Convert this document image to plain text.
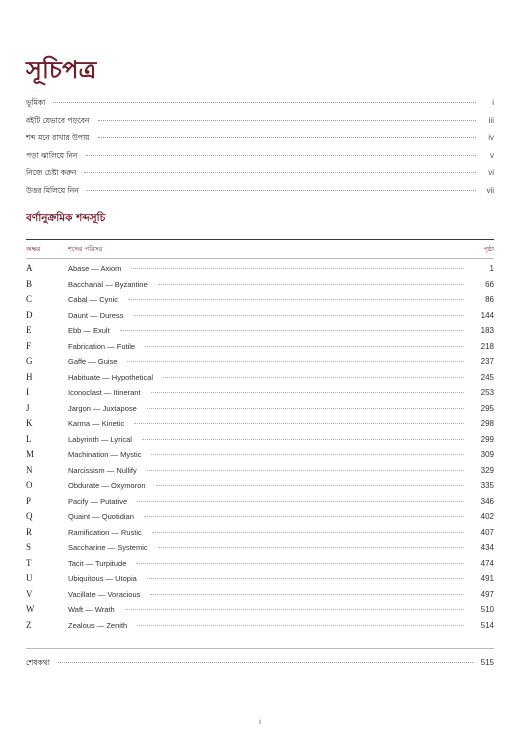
সূচিপত্র
ভূমিকা	i
বইটি যেভাবে পড়বেন	iii
শব্দ মনে রাখার উপায়	iv
পড়া ঝালিয়ে নিন	v
নিজে চেষ্টা করুন	vi
উত্তর মিলিয়ে নিন	vii
বর্ণানুক্রমিক শব্দসূচি
অক্ষর	শব্দের পরিসর	পৃষ্ঠা
A	Abase — Axiom	1
B	Bacchanal — Byzantine	66
C	Cabal — Cynic	86
D	Daunt — Duress	144
E	Ebb — Exult	183
F	Fabrication — Futile	218
G	Gaffe — Guise	237
H	Habituate — Hypothetical	245
I	Iconoclast — Itinerant	253
J	Jargon — Juxtapose	295
K	Karma — Kinetic	298
L	Labyrinth — Lyrical	299
M	Machination — Mystic	309
N	Narcissism — Nullify	329
O	Obdurate — Oxymoron	335
P	Pacify — Putative	346
Q	Quaint — Quotidian	402
R	Ramification — Rustic	407
S	Saccharine — Systemic	434
T	Tacit — Turpitude	474
U	Ubiquitous — Utopia	491
V	Vacillate — Voracious	497
W	Waft — Wrath	510
Z	Zealous — Zenith	514
শেষকথা	515
ii
